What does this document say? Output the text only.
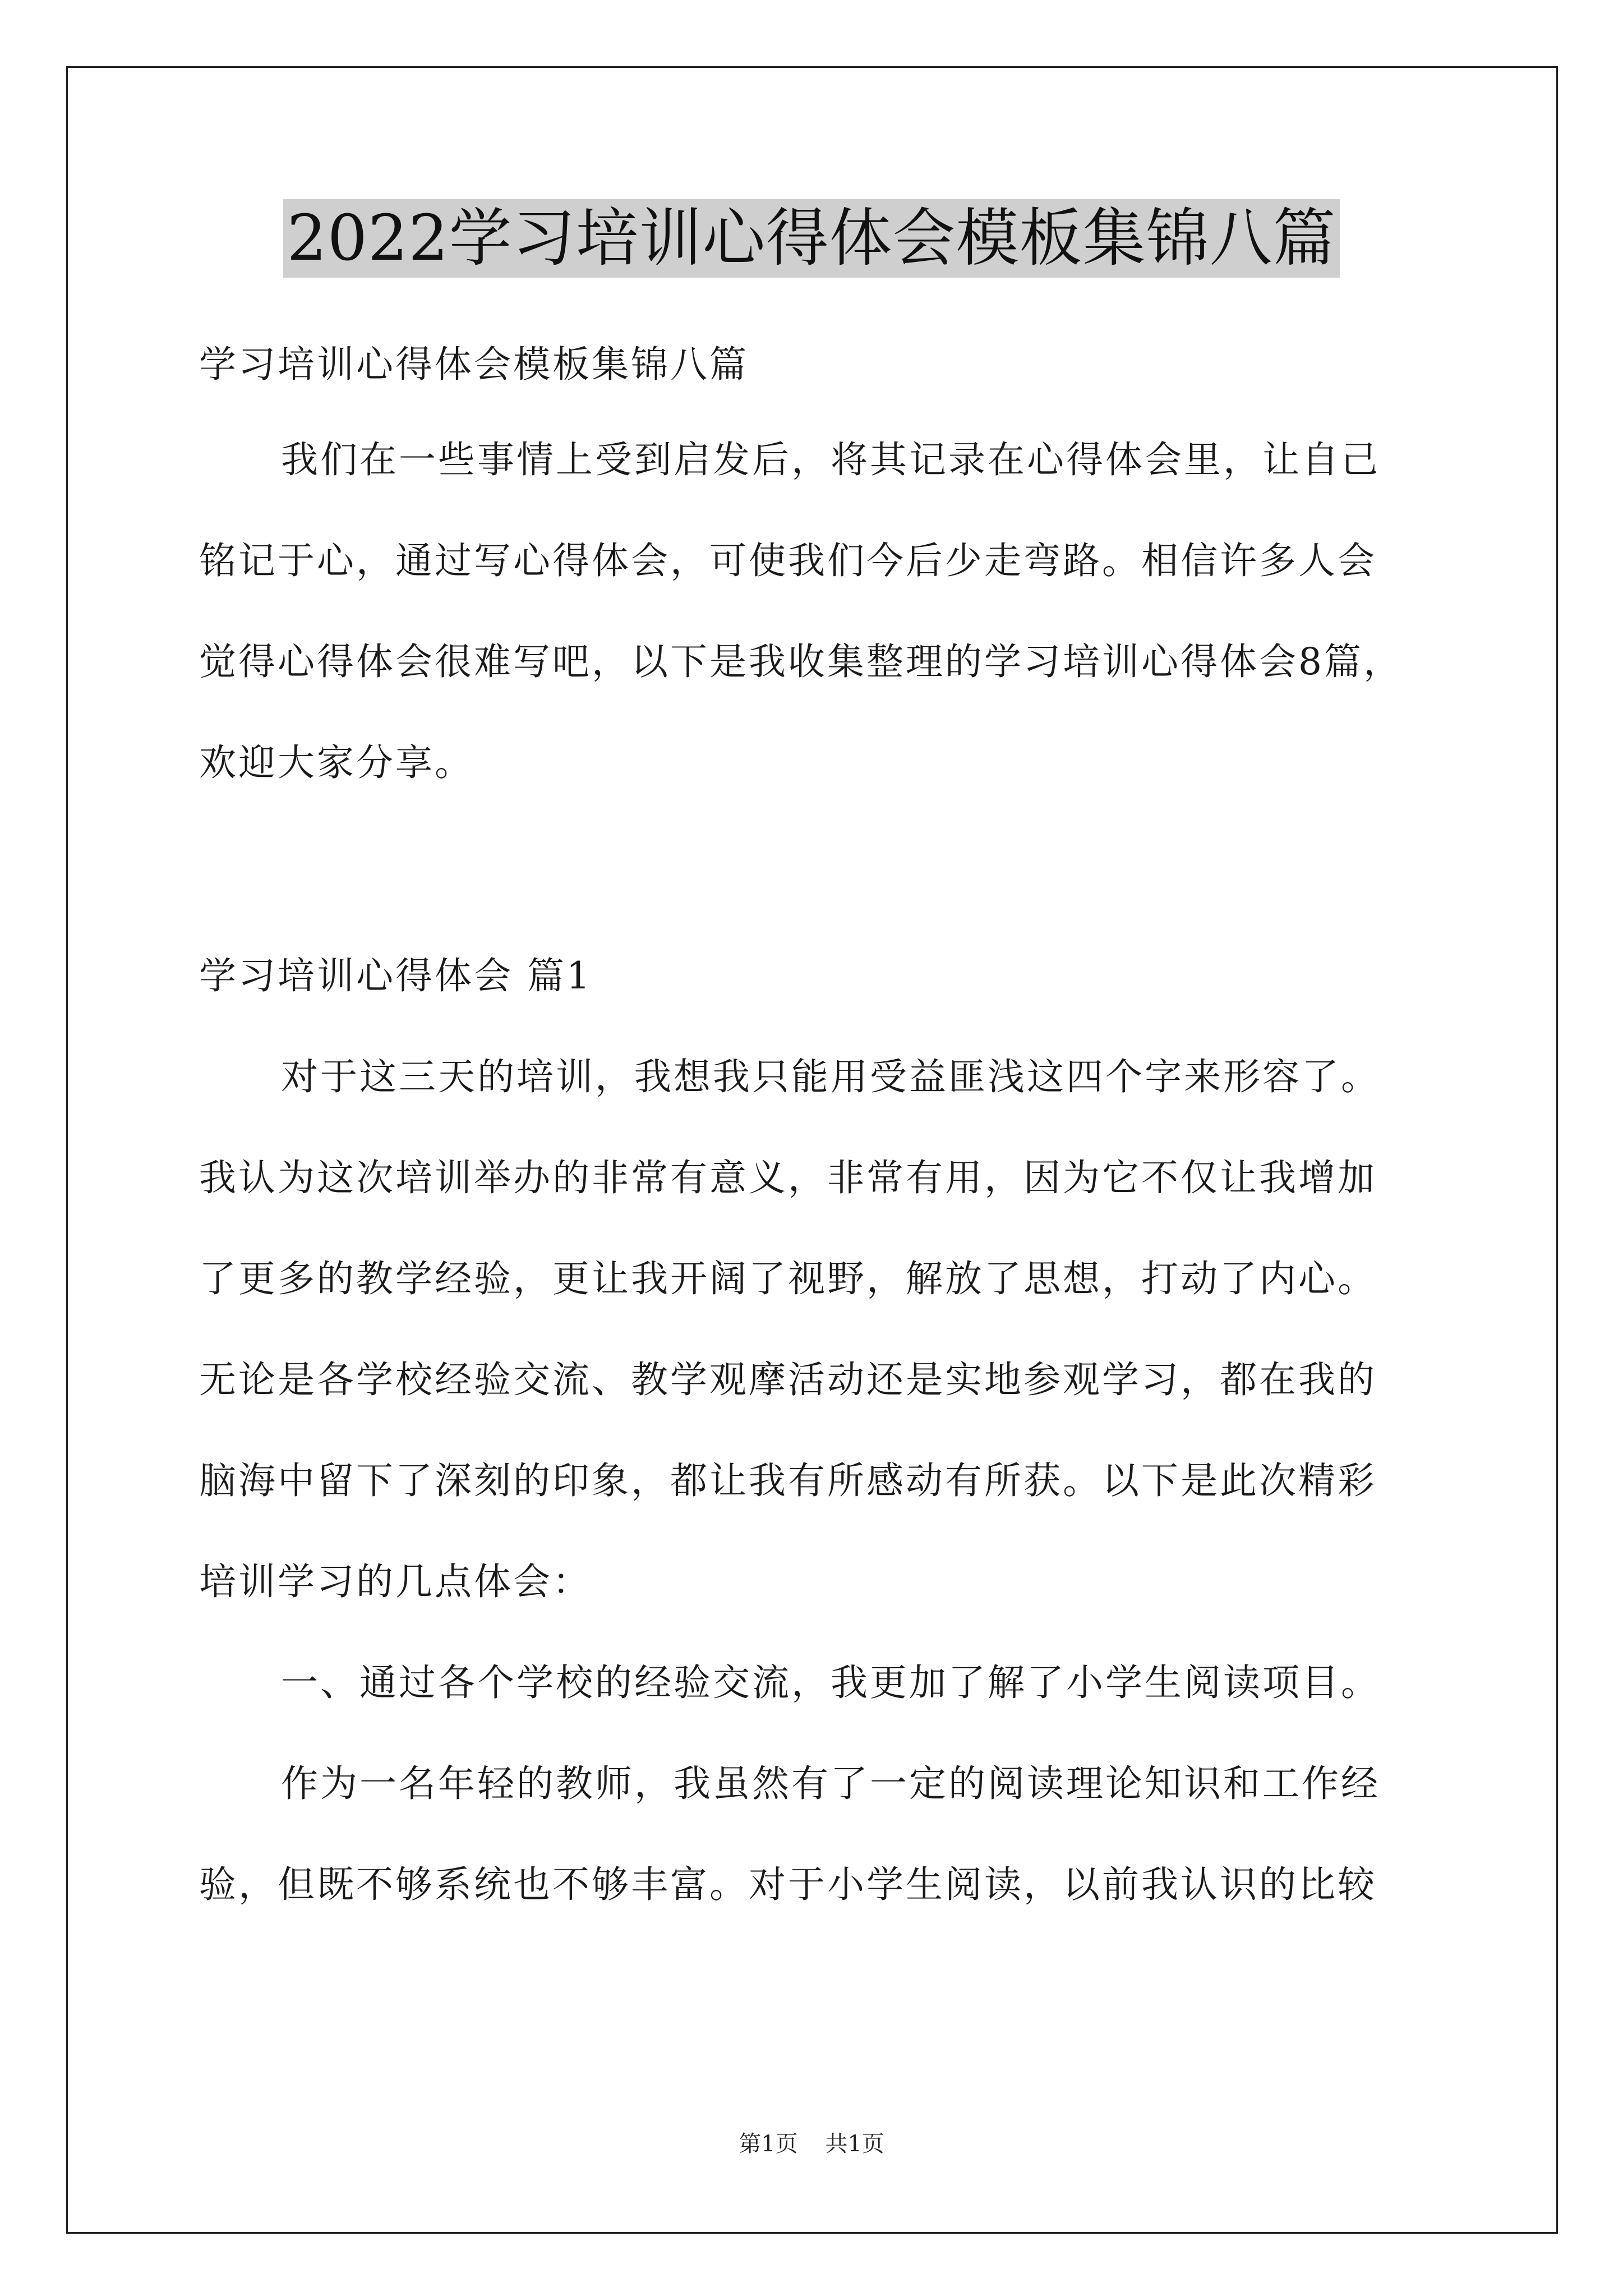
2022学习培训心得体会模板集锦八篇
学习培训心得体会模板集锦八篇
我们在一些事情上受到启发后，将其记录在心得体会里，让自己
铭记于心，通过写心得体会，可使我们今后少走弯路。相信许多人会
觉得心得体会很难写吧，以下是我收集整理的学习培训心得体会8篇，
欢迎大家分享。
学习培训心得体会 篇1
对于这三天的培训，我想我只能用受益匪浅这四个字来形容了。
我认为这次培训举办的非常有意义，非常有用，因为它不仅让我增加
了更多的教学经验，更让我开阔了视野，解放了思想，打动了内心。
无论是各学校经验交流、教学观摩活动还是实地参观学习，都在我的
脑海中留下了深刻的印象，都让我有所感动有所获。以下是此次精彩
培训学习的几点体会：
一、通过各个学校的经验交流，我更加了解了小学生阅读项目。
作为一名年轻的教师，我虽然有了一定的阅读理论知识和工作经
验，但既不够系统也不够丰富。对于小学生阅读，以前我认识的比较
第1页 共1页
